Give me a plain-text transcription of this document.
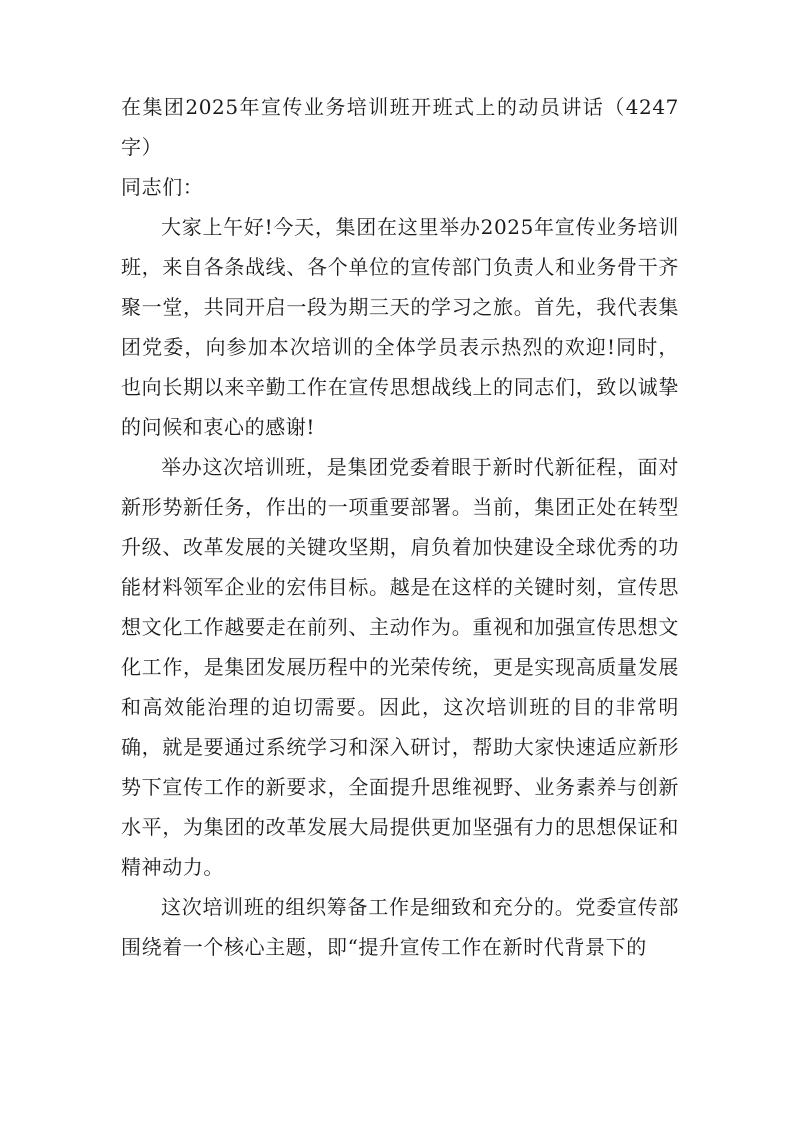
在集团2025年宣传业务培训班开班式上的动员讲话（4247字）

同志们：

大家上午好!今天，集团在这里举办2025年宣传业务培训班，来自各条战线、各个单位的宣传部门负责人和业务骨干齐聚一堂，共同开启一段为期三天的学习之旅。首先，我代表集团党委，向参加本次培训的全体学员表示热烈的欢迎!同时，也向长期以来辛勤工作在宣传思想战线上的同志们，致以诚挚的问候和衷心的感谢!

举办这次培训班，是集团党委着眼于新时代新征程，面对新形势新任务，作出的一项重要部署。当前，集团正处在转型升级、改革发展的关键攻坚期，肩负着加快建设全球优秀的功能材料领军企业的宏伟目标。越是在这样的关键时刻，宣传思想文化工作越要走在前列、主动作为。重视和加强宣传思想文化工作，是集团发展历程中的光荣传统，更是实现高质量发展和高效能治理的迫切需要。因此，这次培训班的目的非常明确，就是要通过系统学习和深入研讨，帮助大家快速适应新形势下宣传工作的新要求，全面提升思维视野、业务素养与创新水平，为集团的改革发展大局提供更加坚强有力的思想保证和精神动力。

这次培训班的组织筹备工作是细致和充分的。党委宣传部围绕着一个核心主题，即“提升宣传工作在新时代背景下的
